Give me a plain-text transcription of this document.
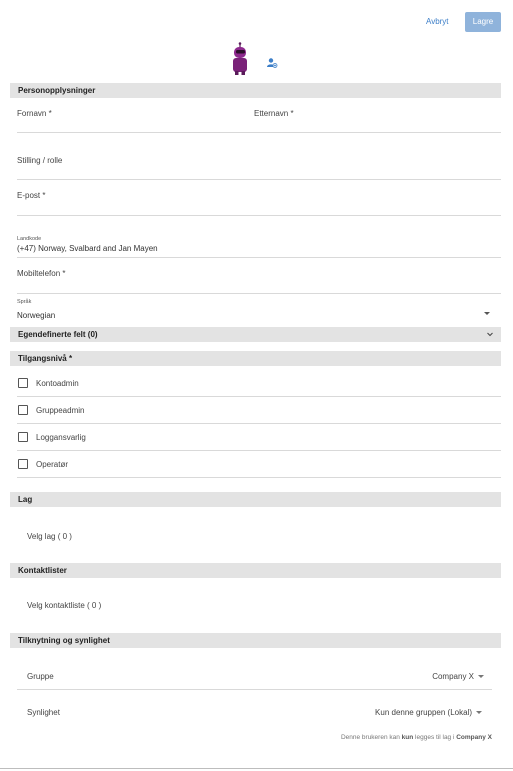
Avbryt	Lagre
Personopplysninger
Fornavn *	Etternavn *
Stilling / rolle
E-post *
Landkode
(+47) Norway, Svalbard and Jan Mayen
Mobiltelefon *
Språk
Norwegian
Egendefinerte felt (0)
Tilgangsnivå *
Kontoadmin
Gruppeadmin
Loggansvarlig
Operatør
Lag
Velg lag ( 0 )
Kontaktlister
Velg kontaktliste ( 0 )
Tilknytning og synlighet
Gruppe	Company X
Synlighet	Kun denne gruppen (Lokal)
Denne brukeren kan kun legges til lag i Company X
